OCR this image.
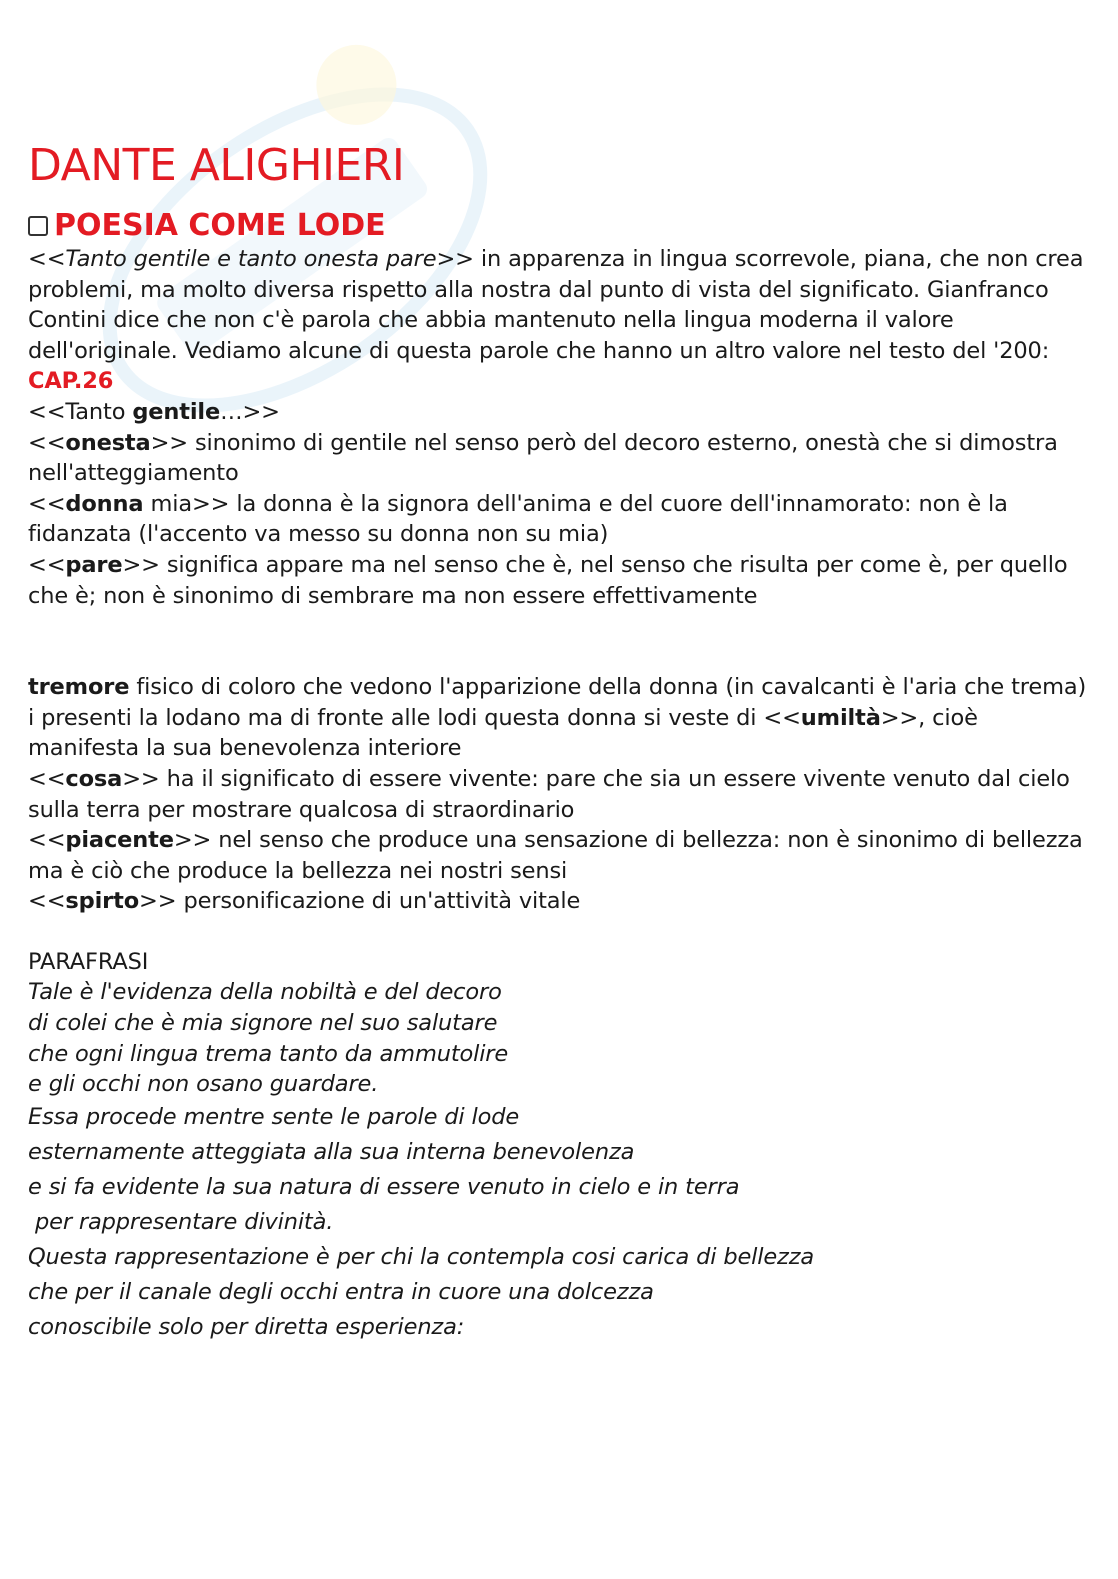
DANTE ALIGHIERI
POESIA COME LODE

<<Tanto gentile e tanto onesta pare>> in apparenza in lingua scorrevole, piana, che non crea problemi, ma molto diversa rispetto alla nostra dal punto di vista del significato. Gianfranco Contini dice che non c'è parola che abbia mantenuto nella lingua moderna il valore dell'originale. Vediamo alcune di questa parole che hanno un altro valore nel testo del '200:

CAP.26

<<Tanto gentile…>>

<<onesta>> sinonimo di gentile nel senso però del decoro esterno, onestà che si dimostra nell'atteggiamento

<<donna mia>> la donna è la signora dell'anima e del cuore dell'innamorato: non è la fidanzata (l'accento va messo su donna non su mia)

<<pare>> significa appare ma nel senso che è, nel senso che risulta per come è, per quello che è; non è sinonimo di sembrare ma non essere effettivamente

tremore fisico di coloro che vedono l'apparizione della donna (in cavalcanti è l'aria che trema)

i presenti la lodano ma di fronte alle lodi questa donna si veste di <<umiltà>>, cioè manifesta la sua benevolenza interiore

<<cosa>> ha il significato di essere vivente: pare che sia un essere vivente venuto dal cielo sulla terra per mostrare qualcosa di straordinario

<<piacente>> nel senso che produce una sensazione di bellezza: non è sinonimo di bellezza ma è ciò che produce la bellezza nei nostri sensi

<<spirto>> personificazione di un'attività vitale

PARAFRASI

Tale è l'evidenza della nobiltà e del decoro

di colei che è mia signore nel suo salutare

che ogni lingua trema tanto da ammutolire

e gli occhi non osano guardare.

Essa procede mentre sente le parole di lode

esternamente atteggiata alla sua interna benevolenza

e si fa evidente la sua natura di essere venuto in cielo e in terra

per rappresentare divinità.

Questa rappresentazione è per chi la contempla cosi carica di bellezza

che per il canale degli occhi entra in cuore una dolcezza

conoscibile solo per diretta esperienza:
